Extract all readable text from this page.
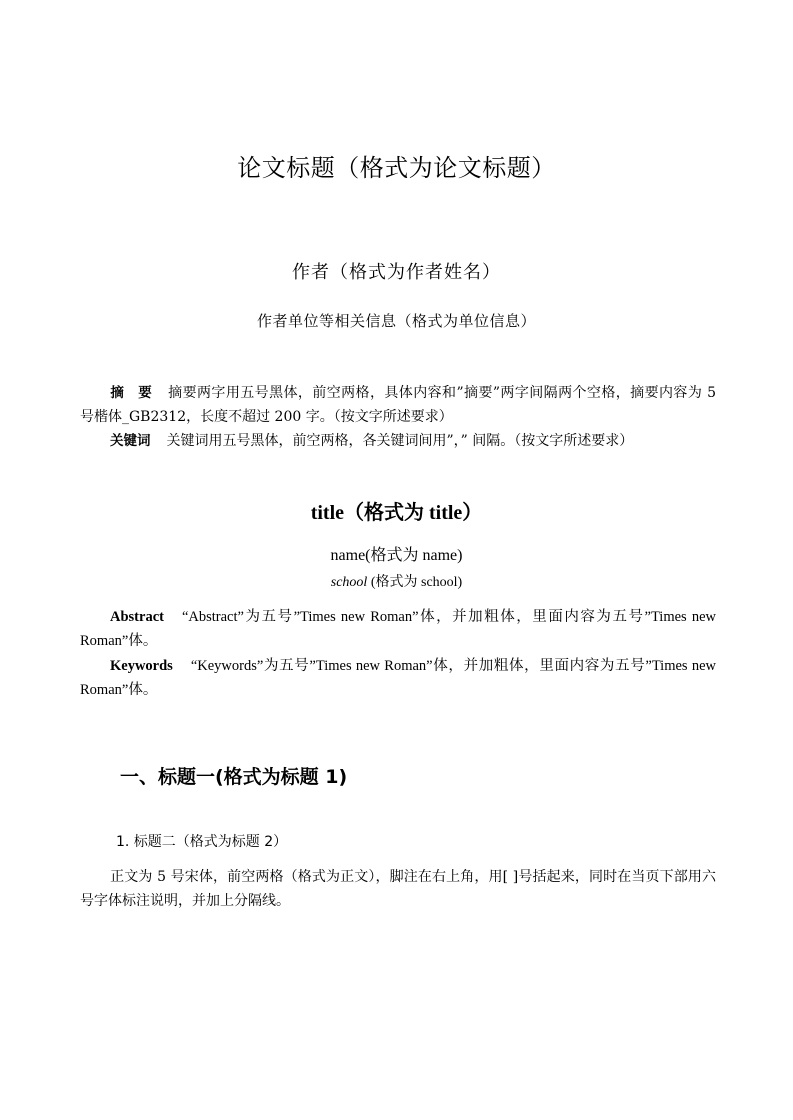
论文标题（格式为论文标题）
作者（格式为作者姓名）
作者单位等相关信息（格式为单位信息）
摘　要 摘要两字用五号黑体，前空两格，具体内容和”摘要”两字间隔两个空格，摘要内容为 5 号楷体_GB2312，长度不超过 200 字。（按文字所述要求）
关键词 关键词用五号黑体，前空两格，各关键词间用”，” 间隔。（按文字所述要求）
title（格式为 title）
name(格式为 name)
school (格式为 school)
Abstract “Abstract”为五号”Times new Roman”体，并加粗体，里面内容为五号”Times new Roman”体。
Keywords “Keywords”为五号”Times new Roman”体，并加粗体，里面内容为五号”Times new Roman”体。
一、标题一(格式为标题 1)
1. 标题二（格式为标题 2）
正文为 5 号宋体，前空两格（格式为正文），脚注在右上角，用[ ]号括起来，同时在当页下部用六号字体标注说明，并加上分隔线。
